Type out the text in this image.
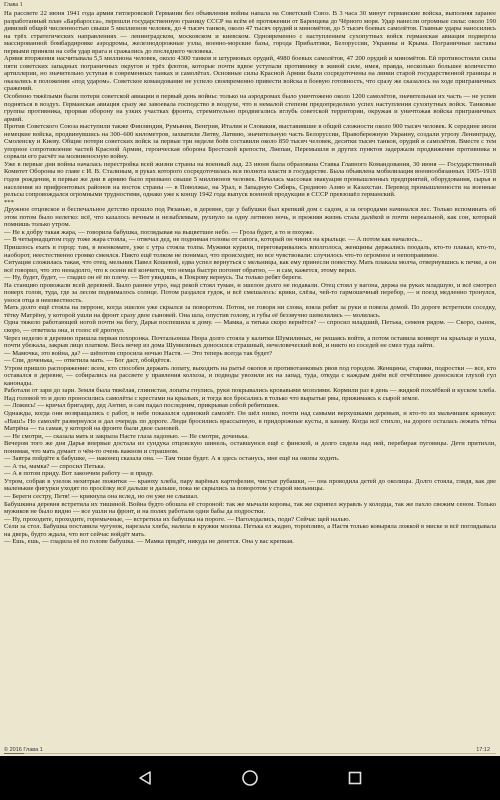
Глава 1

На рассвете 22 июня 1941 года армия гитлеровской Германии без объявления войны напала на Советский Союз. В 3 часа 30 минут германские войска, выполняя заранее разработанный план «Барбаросса», перешли государственную границу СССР на всём её протяжении от Баренцева до Чёрного моря. Удар нанесли огромные силы: около 190 дивизий общей численностью свыше 5 миллионов человек, до 4 тысяч танков, около 47 тысяч орудий и миномётов, до 5 тысяч боевых самолётов. Главные удары наносились на трёх стратегических направлениях — ленинградском, московском и киевском. Одновременно с наступлением сухопутных войск германская авиация подвергла массированной бомбардировке аэродромы, железнодорожные узлы, военно-морские базы, города Прибалтики, Белоруссии, Украины и Крыма. Пограничные заставы первыми приняли на себя удар врага и сражались до последнего человека.

Армия вторжения насчитывала 5,5 миллиона человек, около 4300 танков и штурмовых орудий, 4980 боевых самолётов, 47 200 орудий и миномётов. Ей противостояли силы пяти советских западных пограничных округов и трёх флотов, которые почти вдвое уступали противнику в живой силе, имея, правда, несколько большее количество артиллерии, но значительно уступая в современных танках и самолётах. Основные силы Красной Армии были сосредоточены на линии старой государственной границы и оказались в положении «под ударом». Советское командование не успело своевременно привести войска в боевую готовность, что сразу же сказалось на ходе приграничных сражений.

Особенно тяжёлыми были потери советской авиации в первый день войны: только на аэродромах было уничтожено около 1200 самолётов, значительная их часть — не успев подняться в воздух. Германская авиация сразу же завоевала господство в воздухе, что в немалой степени предопределило успех наступления сухопутных войск. Танковые группы противника, прорвав оборону на узких участках фронта, стремительно продвигались вглубь советской территории, окружая и уничтожая войска приграничных армий.

Против Советского Союза выступили также Финляндия, Румыния, Венгрия, Италия и Словакия, выставившие в общей сложности около 900 тысяч человек. К середине июля немецкие войска, продвинувшись на 300–600 километров, захватили Литву, Латвию, значительную часть Белоруссии, Правобережную Украину, создали угрозу Ленинграду, Смоленску и Киеву. Общие потери советских войск за первые три недели боёв составили около 850 тысяч человек, десятки тысяч танков, орудий и самолётов. Вместе с тем упорное сопротивление частей Красной Армии, героическая оборона Брестской крепости, Лиепаи, Перемышля и других пунктов задержали продвижение противника и сорвали его расчёт на молниеносную войну.

Уже в первые дни войны началась перестройка всей жизни страны на военный лад. 23 июня была образована Ставка Главного Командования, 30 июня — Государственный Комитет Обороны во главе с И. В. Сталиным, в руках которого сосредоточилась вся полнота власти в государстве. Была объявлена мобилизация военнообязанных 1905–1918 годов рождения, в первые же дни в армию было призвано свыше 5 миллионов человек. Началась массовая эвакуация промышленных предприятий, оборудования, сырья и населения из прифронтовых районов на восток страны — в Поволжье, на Урал, в Западную Сибирь, Среднюю Азию и Казахстан. Перевод промышленности на военные рельсы сопровождался огромными трудностями, однако уже к концу 1942 года выпуск военной продукции в СССР превзошёл германский.

***

Дружное отцовское и беспечальное детство прошло под Рязанью, в деревне, где у бабушки был крепкий дом с садом, а за огородами начинался лес. Только вспоминать об этом потом было нелегко: всё, что казалось вечным и незыблемым, рухнуло за одну летнюю ночь, и прежняя жизнь стала далёкой и почти нереальной, как сон, который помнишь только утром.

— Не к добру такая жара, — говорила бабушка, поглядывая на выцветшее небо. — Гроза будет, а то и похуже.

— В четырнадцатом году тоже жара стояла, — отвечал дед, не поднимая головы от сапога, который он чинил на крыльце. — А потом как началось...

Пришлось ехать в город: там, в военкомате, уже с утра стояла толпа. Мужики курили, переговаривались вполголоса, женщины держались поодаль, кто-то плакал, кто-то, наоборот, неестественно громко смеялся. Никто ещё толком не понимал, что происходит, но все чувствовали: случилось что-то огромное и непоправимое.

Ситуация сложилась такая, что отец, мельник Павел Кошевой, едва успел вернуться с мельницы, как ему принесли повестку. Мать плакала молча, отвернувшись к печке, а он всё говорил, что это ненадолго, что к осени всё кончится, что немца быстро погонят обратно, — и сам, кажется, этому верил.

— Ну, будет, будет, — гладил он её по плечу. — Вот увидишь, к Покрову вернусь. Ты только ребят береги.

На станцию провожали всей деревней. Было раннее утро, над рекой стоял туман, и эшелон долго не подавали. Отец стоял у вагона, держа на руках младшую, и всё смотрел поверх голов, туда, где за лесом поднималось солнце. Потом раздался гудок, и всё смешалось: крики, слёзы, чей-то гармошечный перебор, — и поезд медленно тронулся, унося отца в неизвестность.

Мать долго ещё стояла на перроне, когда эшелон уже скрылся за поворотом. Потом, не говоря ни слова, взяла ребят за руки и повела домой. По дороге встретили соседку, тётку Матрёну, у которой ушли на фронт сразу двое сыновей. Она шла, опустив голову, и губы её беззвучно шевелились — молилась.

Одна тяжело работающей ногой почти на бегу, Дарья поспешила к дому. — Мамка, а тятька скоро вернётся? — спросил младший, Петька, семеня рядом. — Скоро, сынок, скоро, — ответила она, и голос её дрогнул.

Через неделю в деревню пришла первая похоронка. Почтальонша Нюра долго стояла у калитки Шумилиных, не решаясь войти, а потом оставила конверт на крыльце и ушла, почти убежала, закрыв лицо платком. Весь вечер из дома Шумилиных доносился страшный, нечеловеческий вой, и никто из соседей не смел туда зайти.

— Мамочка, это война, да? — шёпотом спросила ночью Настя. — Это теперь всегда так будет?

— Спи, доченька, — ответила мать. — Бог даст, обойдётся.

Утром пришло распоряжение: всем, кто способен держать лопату, выходить на рытьё окопов и противотанковых рвов под городом. Женщины, старики, подростки — все, кто оставался в деревне, — собирались на рассвете у правления колхоза, и подводы увозили их на запад, туда, откуда с каждым днём всё отчётливее доносился глухой гул канонады.

Работали от зари до зари. Земля была тяжёлая, глинистая, лопаты гнулись, руки покрывались кровавыми мозолями. Кормили раз в день — жидкой похлёбкой и куском хлеба. Над головой то и дело проносились самолёты с крестами на крыльях, и тогда все бросались в только что вырытые рвы, прижимаясь к сырой земле.

— Ложись! — кричал бригадир, дед Антип, и сам падал последним, прикрывая собой ребятишек.

Однажды, когда они возвращались с работ, в небе показался одинокий самолёт. Он шёл низко, почти над самыми верхушками деревьев, и кто-то из мальчишек крикнул: «Наш!» Но самолёт развернулся и дал очередь по дороге. Люди бросились врассыпную, в придорожные кусты, в канаву. Когда всё стихло, на дороге осталась лежать тётка Матрёна — та самая, у которой на фронте были двое сыновей.

— Не смотри, — сказала мать и закрыла Насте глаза ладонью. — Не смотри, доченька.

Вечером того же дня Дарья впервые достала из сундука отцовскую шинель, оставшуюся ещё с финской, и долго сидела над ней, перебирая пуговицы. Дети притихли, понимая, что мать думает о чём-то очень важном и страшном.

— Завтра пойдёте к бабушке, — наконец сказала она. — Там тише будет. А я здесь останусь, мне ещё на окопы ходить.

— А ты, мамка? — спросил Петька.

— А я потом приду. Вот закончим работу — и приду.

Утром, собрав в узелок нехитрые пожитки — краюху хлеба, пару варёных картофелин, чистые рубашки, — она проводила детей до околицы. Долго стояла, глядя, как две маленькие фигурки уходят по просёлку всё дальше и дальше, пока не скрылись за поворотом у старой мельницы.

— Береги сестру, Петя! — крикнула она вслед, но он уже не слышал.

Бабушкина деревня встретила их тишиной. Война будто обошла её стороной: так же мычали коровы, так же скрипел журавль у колодца, так же пахло свежим сеном. Только мужиков не было видно — все ушли на фронт, и на полях работали одни бабы да подростки.

— Ну, проходите, проходите, горемычные, — встретила их бабушка на пороге. — Наголодались, поди? Сейчас щей налью.

Сели за стол. Бабушка поставила чугунок, нарезала хлеба, налила в кружки молока. Петька ел жадно, торопливо, а Настя только ковыряла ложкой в миске и всё поглядывала на дверь, будто ждала, что вот сейчас войдёт мать.

— Ешь, ешь, — гладила её по голове бабушка. — Мамка придёт, никуда не денется. Она у вас крепкая.

© 2016 Глава 1	17:12
